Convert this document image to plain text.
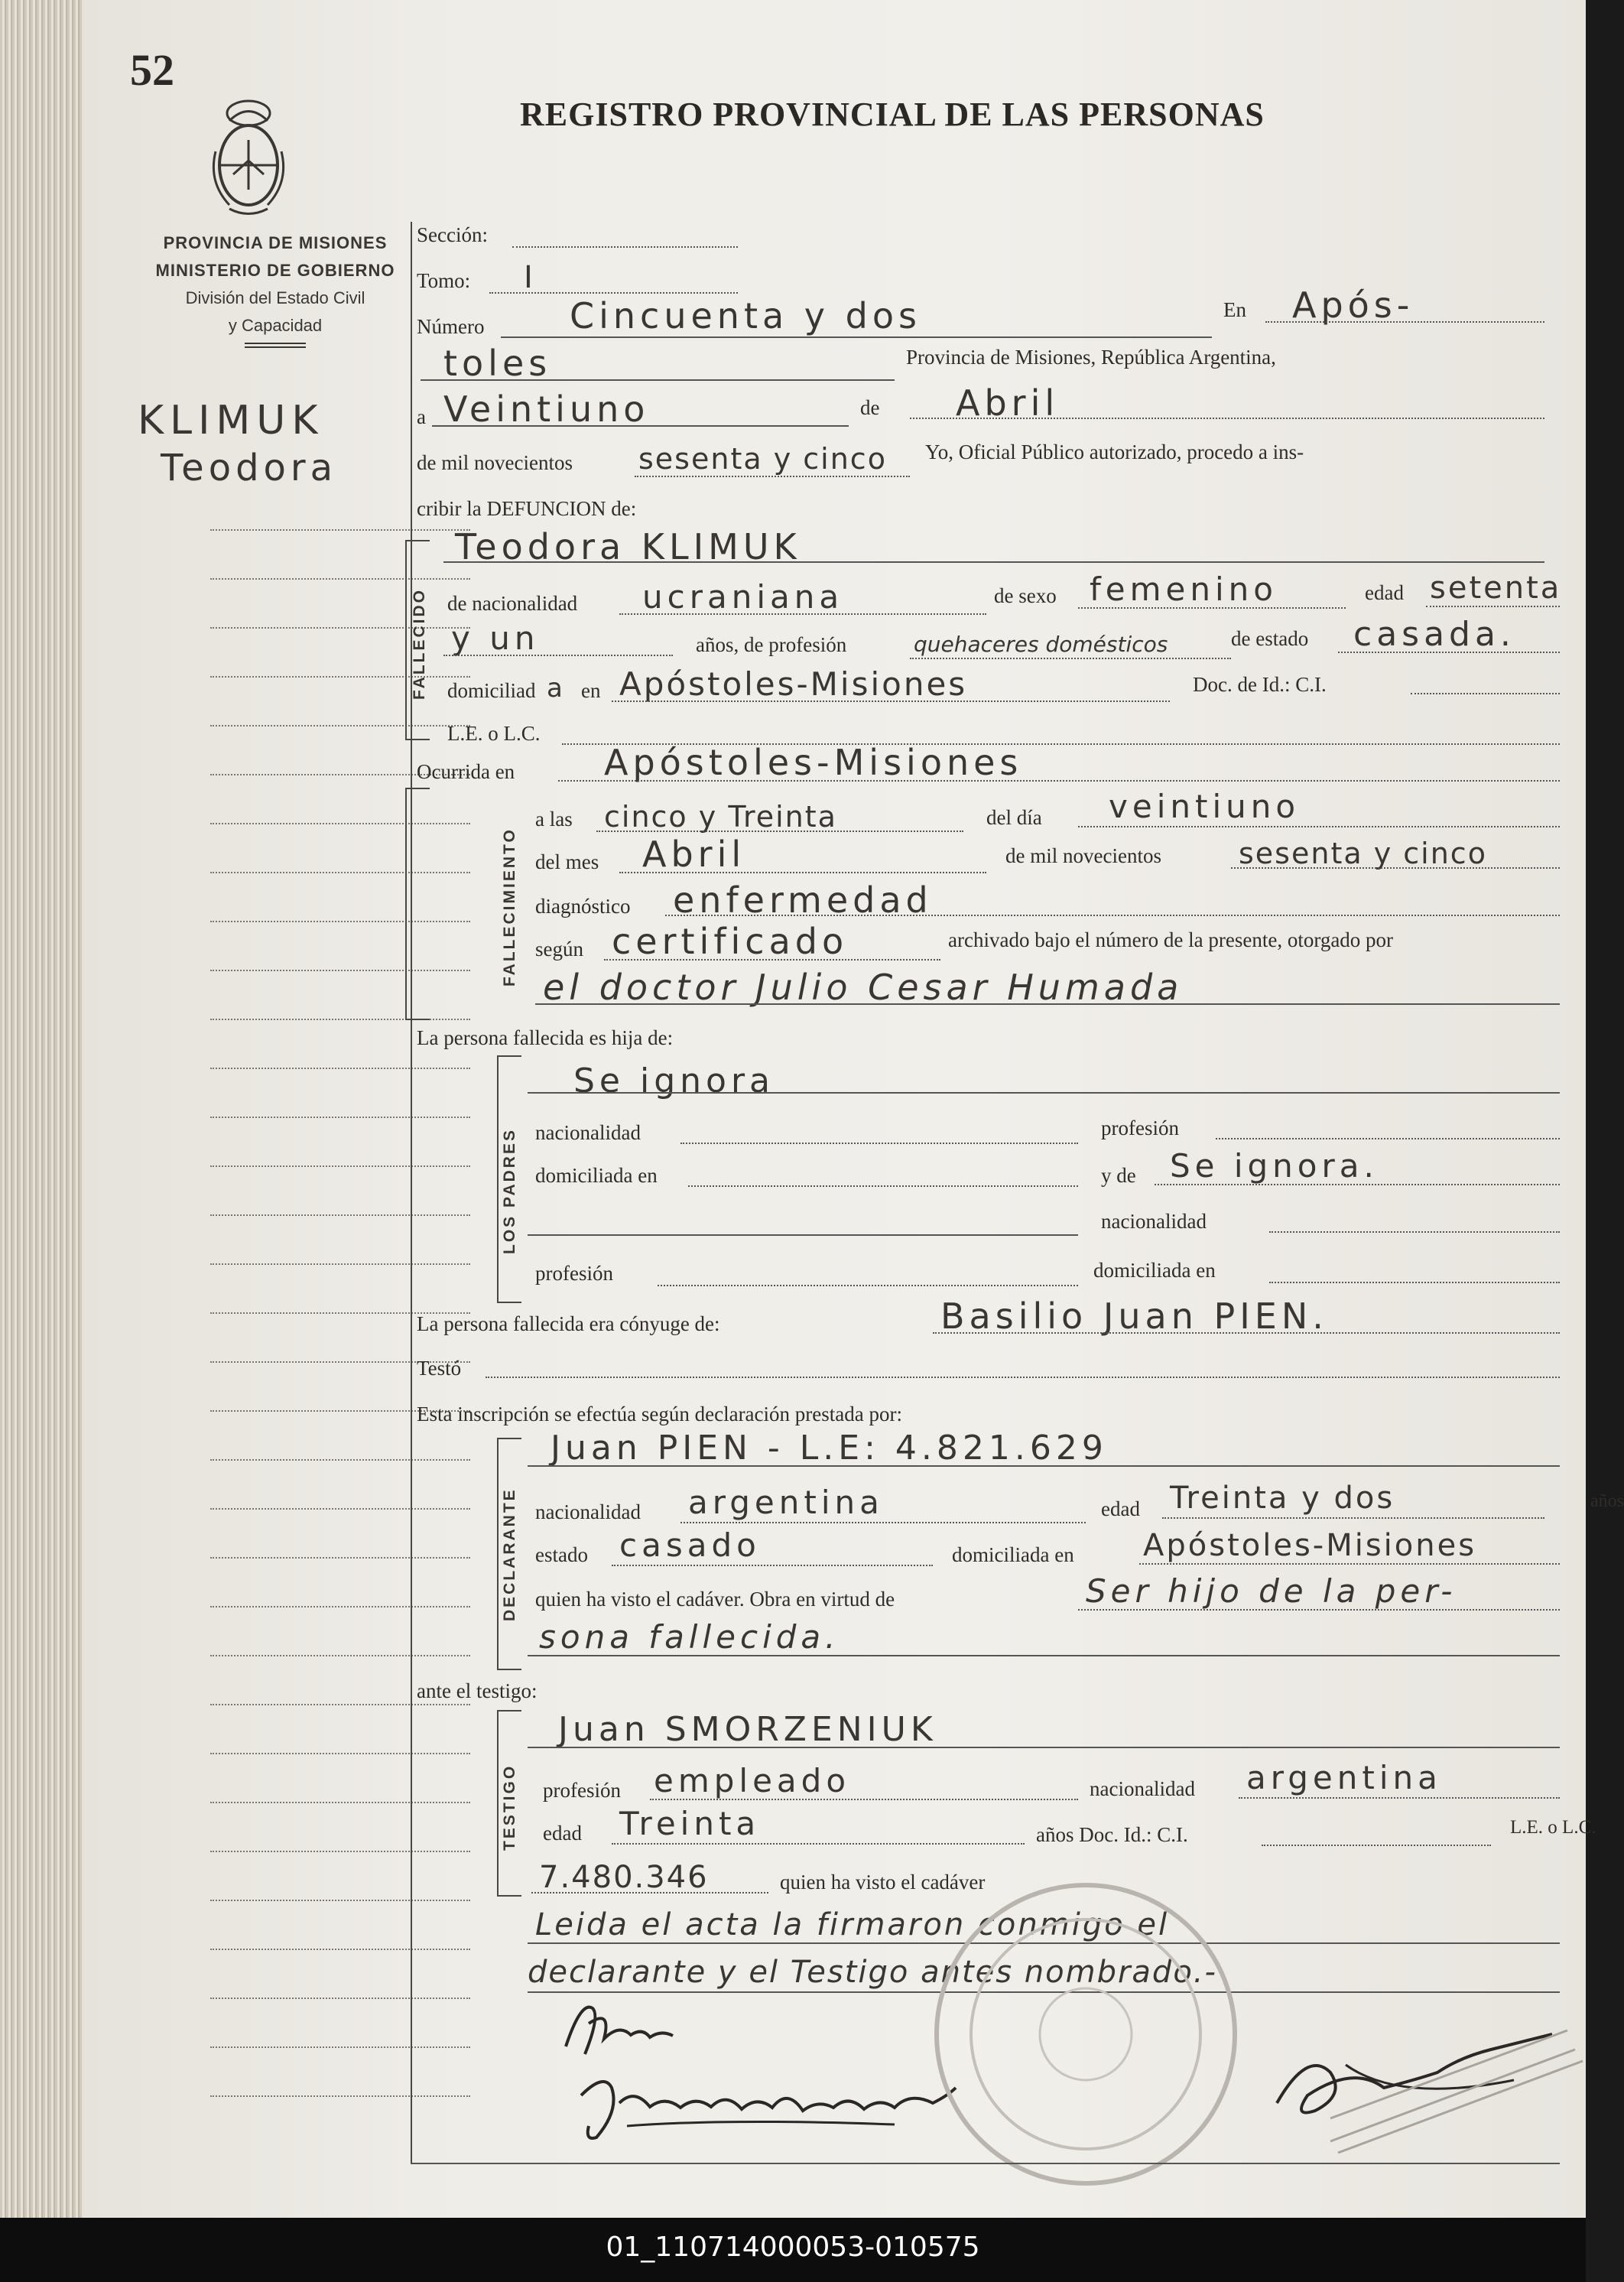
52
REGISTRO PROVINCIAL DE LAS PERSONAS
PROVINCIA DE MISIONES
MINISTERIO DE GOBIERNO
División del Estado Civil
y Capacidad
KLIMUK
Teodora
Sección:
Tomo: I
Número Cincuenta y dos	En Após-
toles	Provincia de Misiones, República Argentina,
a Veintiuno	de Abril
de mil novecientos sesenta y cinco Yo, Oficial Público autorizado, procedo a ins-
cribir la DEFUNCION de:
FALLECIDO
Teodora KLIMUK
de nacionalidad ucraniana	de sexo femenino	edad setenta
y un	años, de profesión	quehaceres domésticos	de estado casada.
domiciliad a en Apóstoles-Misiones	Doc. de Id.: C.I.
L.E. o L.C.
Ocurrida en	Apóstoles-Misiones
FALLECIMIENTO
a las cinco y Treinta	del día veintiuno
del mes Abril	de mil novecientos	sesenta y cinco
diagnóstico enfermedad
según certificado	archivado bajo el número de la presente, otorgado por
el doctor Julio Cesar Humada
La persona fallecida es hija de:
LOS PADRES
Se ignora
nacionalidad	profesión
domiciliada en	y de Se ignora.
nacionalidad
profesión	domiciliada en
La persona fallecida era cónyuge de:	Basilio Juan PIEN.
Testó
Esta inscripción se efectúa según declaración prestada por:
DECLARANTE
Juan PIEN - L.E: 4.821.629
nacionalidad argentina	edad Treinta y dos	años
estado casado	domiciliada en Apóstoles-Misiones
quien ha visto el cadáver. Obra en virtud de	Ser hijo de la per-
sona fallecida.
ante el testigo:
TESTIGO
Juan SMORZENIUK
profesión empleado	nacionalidad argentina
edad Treinta	años Doc. Id.: C.I.	L.E. o L.C.
7.480.346	quien ha visto el cadáver
Leida el acta la firmaron conmigo el
declarante y el Testigo antes nombrado.-
01_110714000053-010575
